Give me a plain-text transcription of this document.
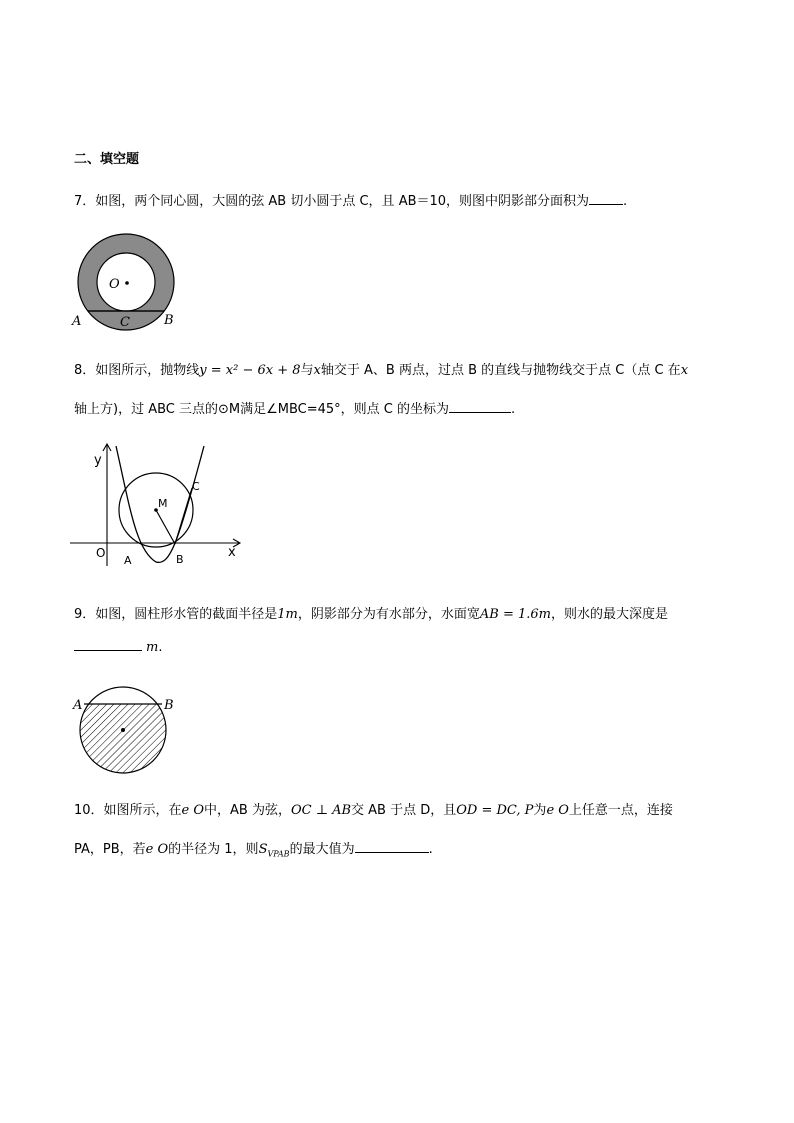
二、填空题
7．如图，两个同心圆，大圆的弦 AB 切小圆于点 C，且 AB＝10，则图中阴影部分面积为	.
O
A	B
C
8．如图所示，抛物线y = x² − 6x + 8与x轴交于 A、B 两点，过点 B 的直线与抛物线交于点 C（点 C 在x
轴上方)，过 ABC 三点的⊙M满足∠MBC=45°，则点 C 的坐标为	.
y
x
O
A	B
M
C
9．如图，圆柱形水管的截面半径是1m，阴影部分为有水部分，水面宽AB = 1.6m，则水的最大深度是
m.
A	B
10．如图所示，在e O中，AB 为弦，OC ⊥ AB交 AB 于点 D，且OD = DC, P为e O上任意一点，连接
PA，PB，若e O的半径为 1，则$S_{VPAB}$的最大值为	.
